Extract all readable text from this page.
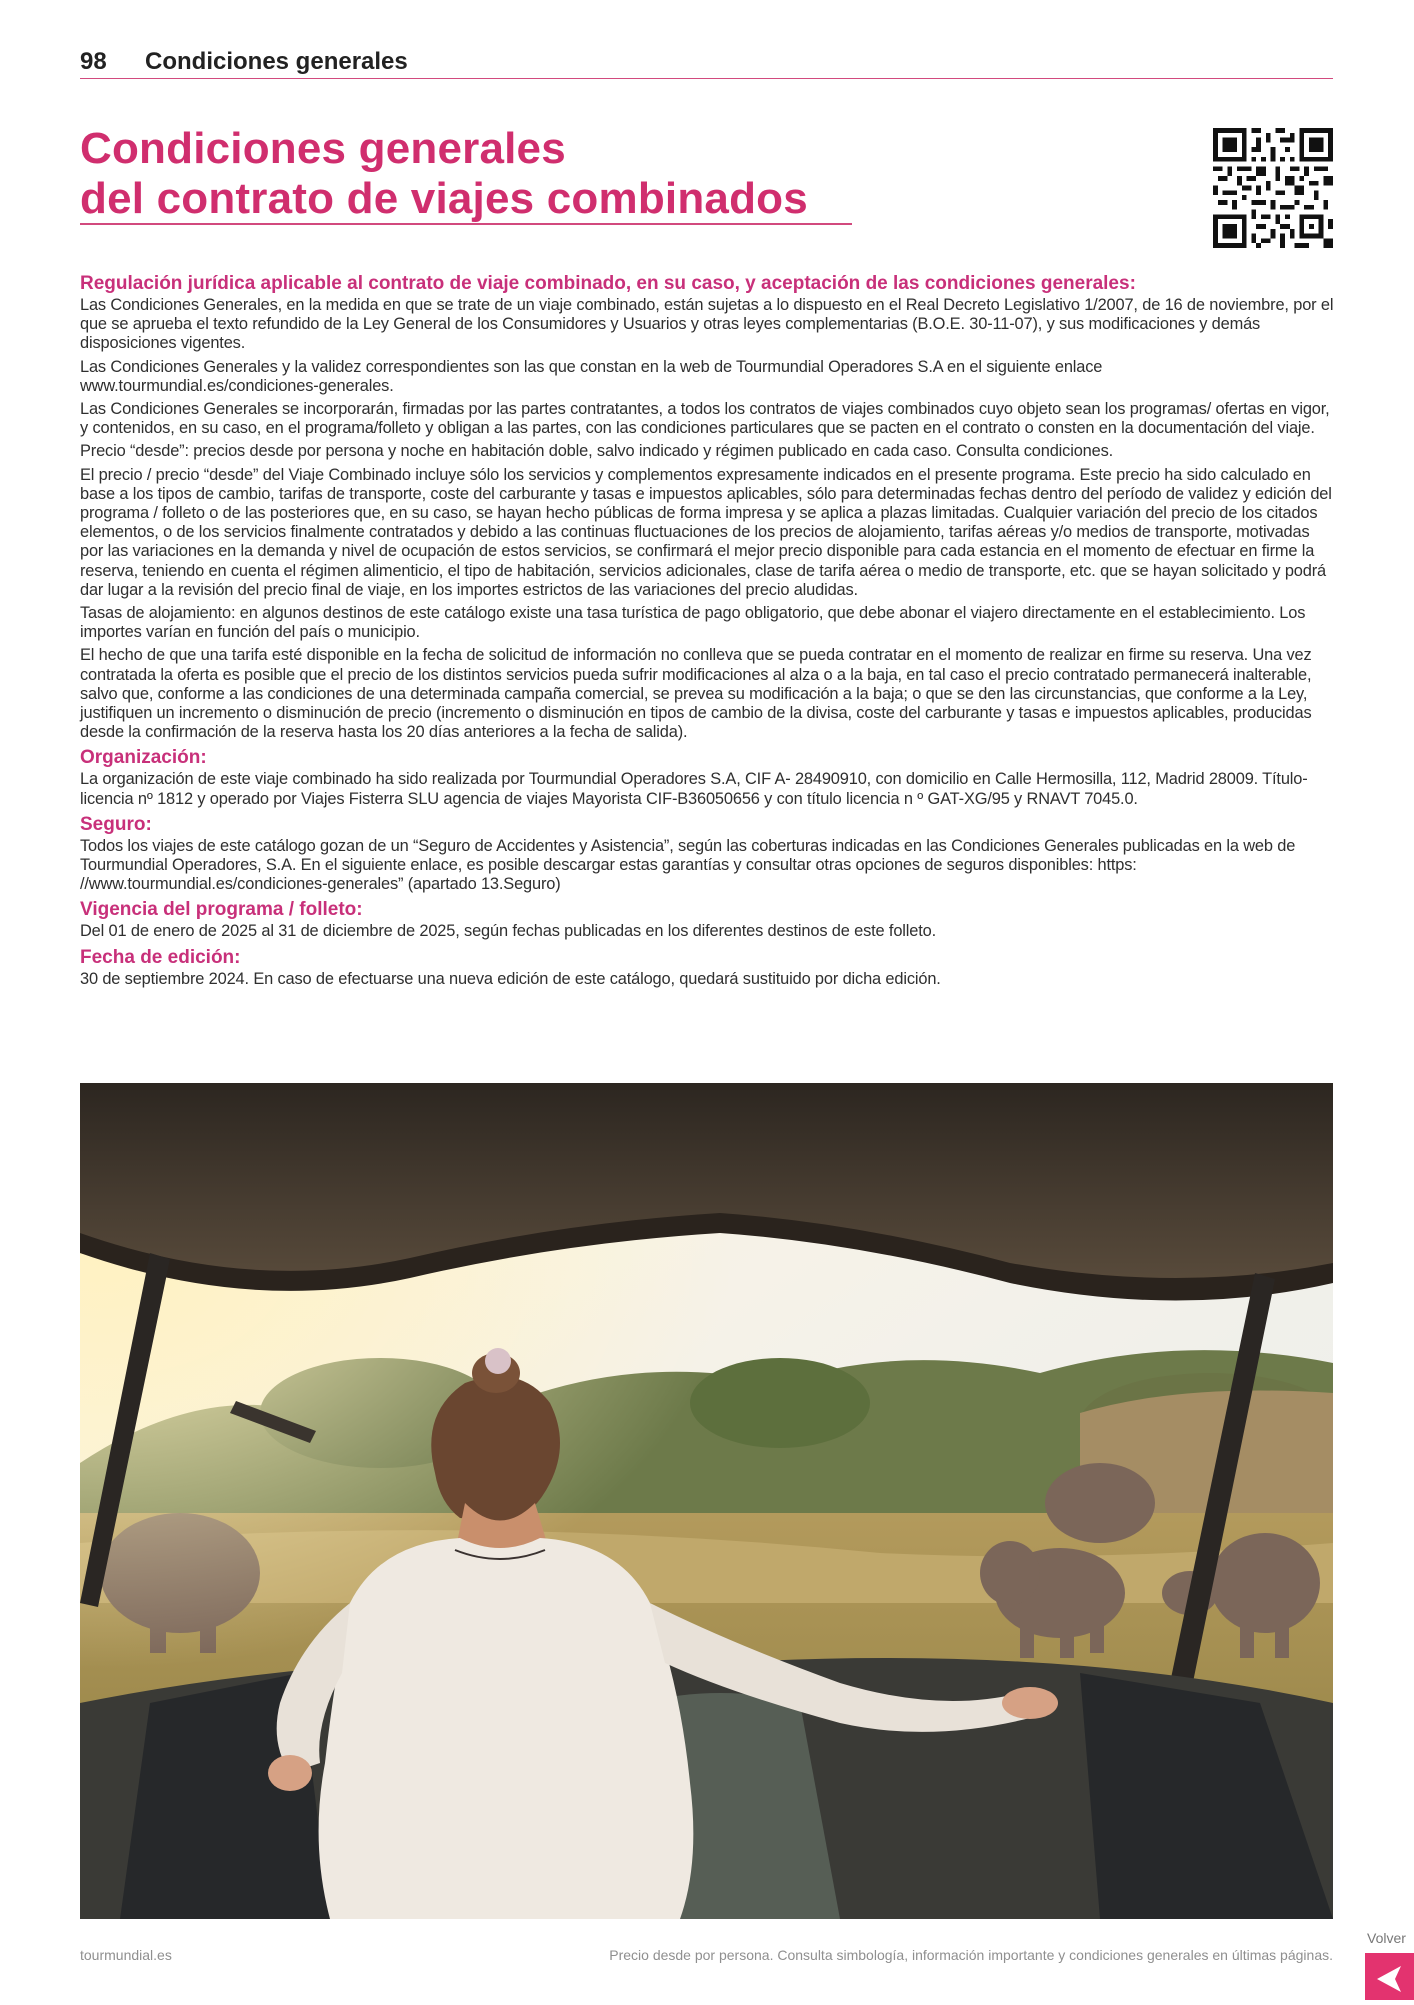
98 Condiciones generales
Condiciones generales
del contrato de viajes combinados
Regulación jurídica aplicable al contrato de viaje combinado, en su caso, y aceptación de las condiciones generales:

Las Condiciones Generales, en la medida en que se trate de un viaje combinado, están sujetas a lo dispuesto en el Real Decreto Legislativo 1/2007, de 16 de noviembre, por el que se aprueba el texto refundido de la Ley General de los Consumidores y Usuarios y otras leyes complementarias (B.O.E. 30-11-07), y sus modificaciones y demás disposiciones vigentes.

Las Condiciones Generales y la validez correspondientes son las que constan en la web de Tourmundial Operadores S.A en el siguiente enlace www.tourmundial.es/condiciones-generales.

Las Condiciones Generales se incorporarán, firmadas por las partes contratantes, a todos los contratos de viajes combinados cuyo objeto sean los programas/ ofertas en vigor, y contenidos, en su caso, en el programa/folleto y obligan a las partes, con las condiciones particulares que se pacten en el contrato o consten en la documentación del viaje.

Precio “desde”: precios desde por persona y noche en habitación doble, salvo indicado y régimen publicado en cada caso. Consulta condiciones.

El precio / precio “desde” del Viaje Combinado incluye sólo los servicios y complementos expresamente indicados en el presente programa. Este precio ha sido calculado en base a los tipos de cambio, tarifas de transporte, coste del carburante y tasas e impuestos aplicables, sólo para determinadas fechas dentro del período de validez y edición del programa / folleto o de las posteriores que, en su caso, se hayan hecho públicas de forma impresa y se aplica a plazas limitadas. Cualquier variación del precio de los citados elementos, o de los servicios finalmente contratados y debido a las continuas fluctuaciones de los precios de alojamiento, tarifas aéreas y/o medios de transporte, motivadas por las variaciones en la demanda y nivel de ocupación de estos servicios, se confirmará el mejor precio disponible para cada estancia en el momento de efectuar en firme la reserva, teniendo en cuenta el régimen alimenticio, el tipo de habitación, servicios adicionales, clase de tarifa aérea o medio de transporte, etc. que se hayan solicitado y podrá dar lugar a la revisión del precio final de viaje, en los importes estrictos de las variaciones del precio aludidas.

Tasas de alojamiento: en algunos destinos de este catálogo existe una tasa turística de pago obligatorio, que debe abonar el viajero directamente en el establecimiento. Los importes varían en función del país o municipio.

El hecho de que una tarifa esté disponible en la fecha de solicitud de información no conlleva que se pueda contratar en el momento de realizar en firme su reserva. Una vez contratada la oferta es posible que el precio de los distintos servicios pueda sufrir modificaciones al alza o a la baja, en tal caso el precio contratado permanecerá inalterable, salvo que, conforme a las condiciones de una determinada campaña comercial, se prevea su modificación a la baja; o que se den las circunstancias, que conforme a la Ley, justifiquen un incremento o disminución de precio (incremento o disminución en tipos de cambio de la divisa, coste del carburante y tasas e impuestos aplicables, producidas desde la confirmación de la reserva hasta los 20 días anteriores a la fecha de salida).

Organización:

La organización de este viaje combinado ha sido realizada por Tourmundial Operadores S.A, CIF A- 28490910, con domicilio en Calle Hermosilla, 112, Madrid 28009. Título-licencia nº 1812 y operado por Viajes Fisterra SLU agencia de viajes Mayorista CIF-B36050656 y con título licencia n º GAT-XG/95 y RNAVT 7045.0.

Seguro:

Todos los viajes de este catálogo gozan de un “Seguro de Accidentes y Asistencia”, según las coberturas indicadas en las Condiciones Generales publicadas en la web de Tourmundial Operadores, S.A. En el siguiente enlace, es posible descargar estas garantías y consultar otras opciones de seguros disponibles: https: //www.tourmundial.es/condiciones-generales” (apartado 13.Seguro)

Vigencia del programa / folleto:

Del 01 de enero de 2025 al 31 de diciembre de 2025, según fechas publicadas en los diferentes destinos de este folleto.

Fecha de edición:

30 de septiembre 2024. En caso de efectuarse una nueva edición de este catálogo, quedará sustituido por dicha edición.

tourmundial.es	Precio desde por persona. Consulta simbología, información importante y condiciones generales en últimas páginas.
Volver
